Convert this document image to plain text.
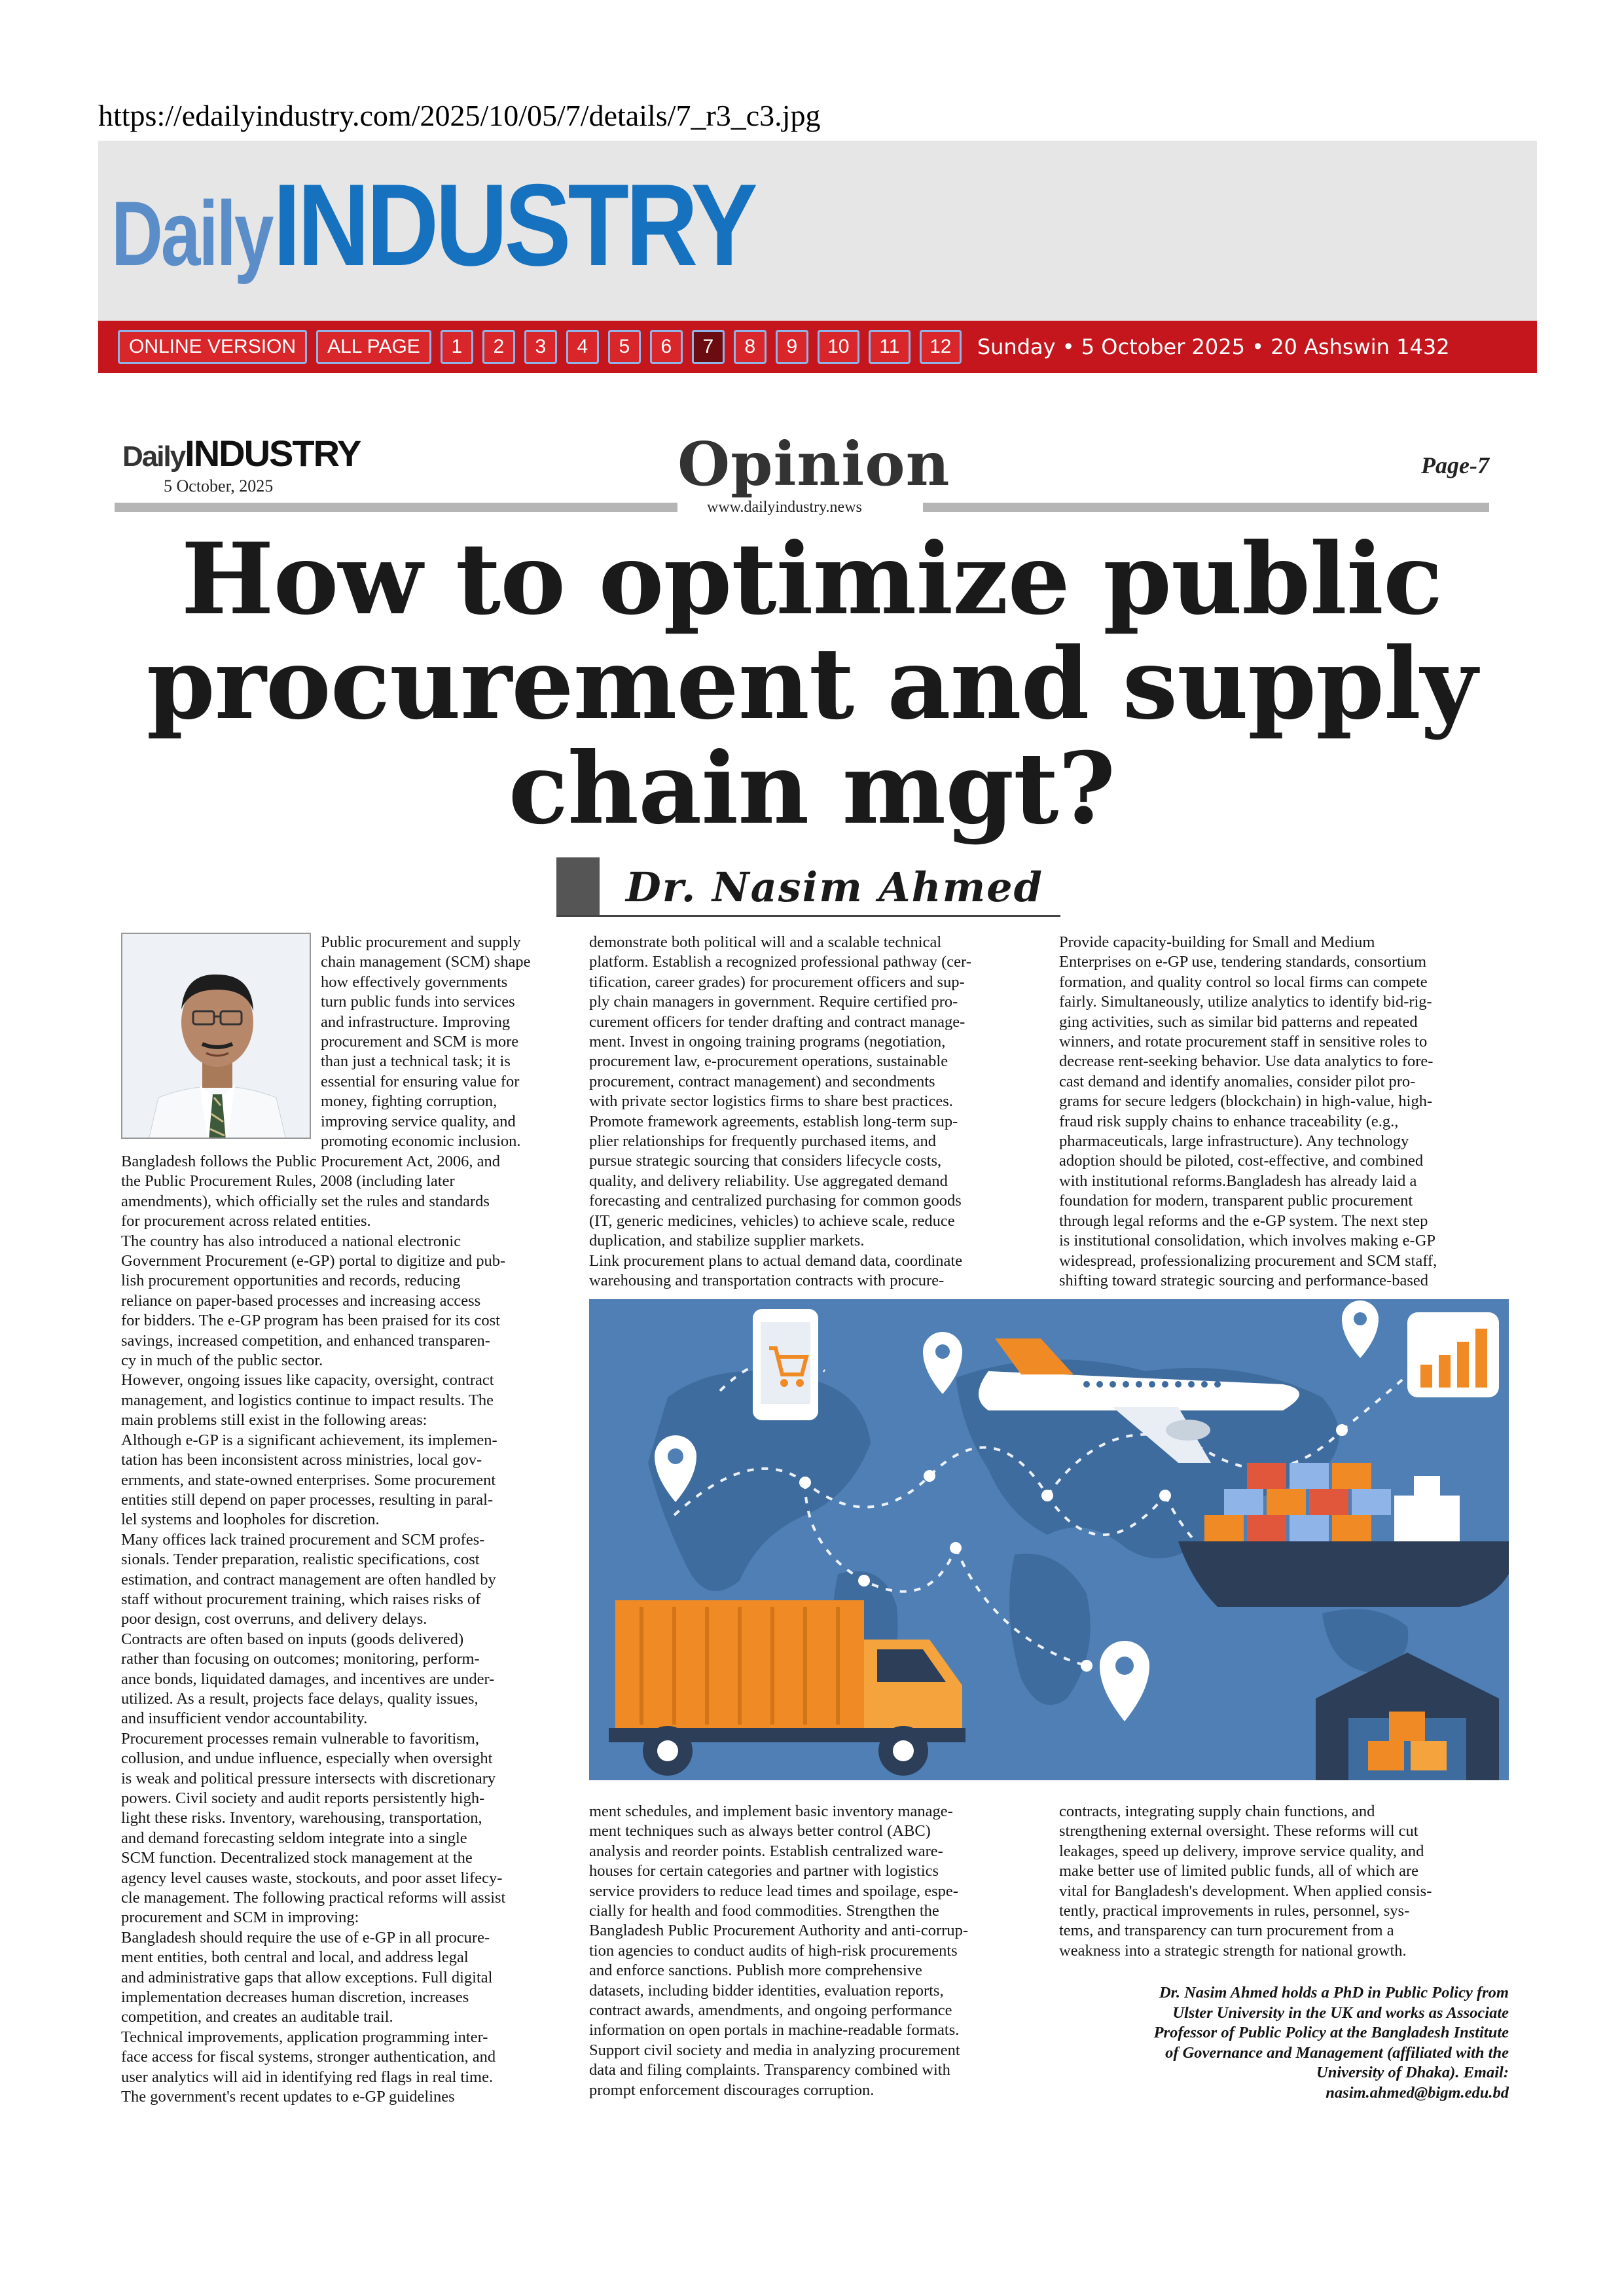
https://edailyindustry.com/2025/10/05/7/details/7_r3_c3.jpg
DailyINDUSTRY
ONLINE VERSION	ALL PAGE	1	2	3	4	5	6	7	8	9	10	11	12	Sunday • 5 October 2025 • 20 Ashswin 1432
DailyINDUSTRY
5 October, 2025	Opinion	Page-7
www.dailyindustry.news
How to optimize public
procurement and supply
chain mgt?
Dr. Nasim Ahmed

Public procurement and supply

chain management (SCM) shape

how effectively governments

turn public funds into services

and infrastructure. Improving

procurement and SCM is more

than just a technical task; it is

essential for ensuring value for

money, fighting corruption,

improving service quality, and

promoting economic inclusion.

Bangladesh follows the Public Procurement Act, 2006, and

the Public Procurement Rules, 2008 (including later

amendments), which officially set the rules and standards

for procurement across related entities.

The country has also introduced a national electronic

Government Procurement (e-GP) portal to digitize and pub-

lish procurement opportunities and records, reducing

reliance on paper-based processes and increasing access

for bidders. The e-GP program has been praised for its cost

savings, increased competition, and enhanced transparen-

cy in much of the public sector.

However, ongoing issues like capacity, oversight, contract

management, and logistics continue to impact results. The

main problems still exist in the following areas:

Although e-GP is a significant achievement, its implemen-

tation has been inconsistent across ministries, local gov-

ernments, and state-owned enterprises. Some procurement

entities still depend on paper processes, resulting in paral-

lel systems and loopholes for discretion.

Many offices lack trained procurement and SCM profes-

sionals. Tender preparation, realistic specifications, cost

estimation, and contract management are often handled by

staff without procurement training, which raises risks of

poor design, cost overruns, and delivery delays.

Contracts are often based on inputs (goods delivered)

rather than focusing on outcomes; monitoring, perform-

ance bonds, liquidated damages, and incentives are under-

utilized. As a result, projects face delays, quality issues,

and insufficient vendor accountability.

Procurement processes remain vulnerable to favoritism,

collusion, and undue influence, especially when oversight

is weak and political pressure intersects with discretionary

powers. Civil society and audit reports persistently high-

light these risks. Inventory, warehousing, transportation,

and demand forecasting seldom integrate into a single

SCM function. Decentralized stock management at the

agency level causes waste, stockouts, and poor asset lifecy-

cle management. The following practical reforms will assist

procurement and SCM in improving:

Bangladesh should require the use of e-GP in all procure-

ment entities, both central and local, and address legal

and administrative gaps that allow exceptions. Full digital

implementation decreases human discretion, increases

competition, and creates an auditable trail.

Technical improvements, application programming inter-

face access for fiscal systems, stronger authentication, and

user analytics will aid in identifying red flags in real time.

The government's recent updates to e-GP guidelines

demonstrate both political will and a scalable technical

platform. Establish a recognized professional pathway (cer-

tification, career grades) for procurement officers and sup-

ply chain managers in government. Require certified pro-

curement officers for tender drafting and contract manage-

ment. Invest in ongoing training programs (negotiation,

procurement law, e-procurement operations, sustainable

procurement, contract management) and secondments

with private sector logistics firms to share best practices.

Promote framework agreements, establish long-term sup-

plier relationships for frequently purchased items, and

pursue strategic sourcing that considers lifecycle costs,

quality, and delivery reliability. Use aggregated demand

forecasting and centralized purchasing for common goods

(IT, generic medicines, vehicles) to achieve scale, reduce

duplication, and stabilize supplier markets.

Link procurement plans to actual demand data, coordinate

warehousing and transportation contracts with procure-

Provide capacity-building for Small and Medium

Enterprises on e-GP use, tendering standards, consortium

formation, and quality control so local firms can compete

fairly. Simultaneously, utilize analytics to identify bid-rig-

ging activities, such as similar bid patterns and repeated

winners, and rotate procurement staff in sensitive roles to

decrease rent-seeking behavior. Use data analytics to fore-

cast demand and identify anomalies, consider pilot pro-

grams for secure ledgers (blockchain) in high-value, high-

fraud risk supply chains to enhance traceability (e.g.,

pharmaceuticals, large infrastructure). Any technology

adoption should be piloted, cost-effective, and combined

with institutional reforms.Bangladesh has already laid a

foundation for modern, transparent public procurement

through legal reforms and the e-GP system. The next step

is institutional consolidation, which involves making e-GP

widespread, professionalizing procurement and SCM staff,

shifting toward strategic sourcing and performance-based

ment schedules, and implement basic inventory manage-

ment techniques such as always better control (ABC)

analysis and reorder points. Establish centralized ware-

houses for certain categories and partner with logistics

service providers to reduce lead times and spoilage, espe-

cially for health and food commodities. Strengthen the

Bangladesh Public Procurement Authority and anti-corrup-

tion agencies to conduct audits of high-risk procurements

and enforce sanctions. Publish more comprehensive

datasets, including bidder identities, evaluation reports,

contract awards, amendments, and ongoing performance

information on open portals in machine-readable formats.

Support civil society and media in analyzing procurement

data and filing complaints. Transparency combined with

prompt enforcement discourages corruption.

contracts, integrating supply chain functions, and

strengthening external oversight. These reforms will cut

leakages, speed up delivery, improve service quality, and

make better use of limited public funds, all of which are

vital for Bangladesh's development. When applied consis-

tently, practical improvements in rules, personnel, sys-

tems, and transparency can turn procurement from a

weakness into a strategic strength for national growth.

Dr. Nasim Ahmed holds a PhD in Public Policy from

Ulster University in the UK and works as Associate

Professor of Public Policy at the Bangladesh Institute

of Governance and Management (affiliated with the

University of Dhaka). Email:

nasim.ahmed@bigm.edu.bd
